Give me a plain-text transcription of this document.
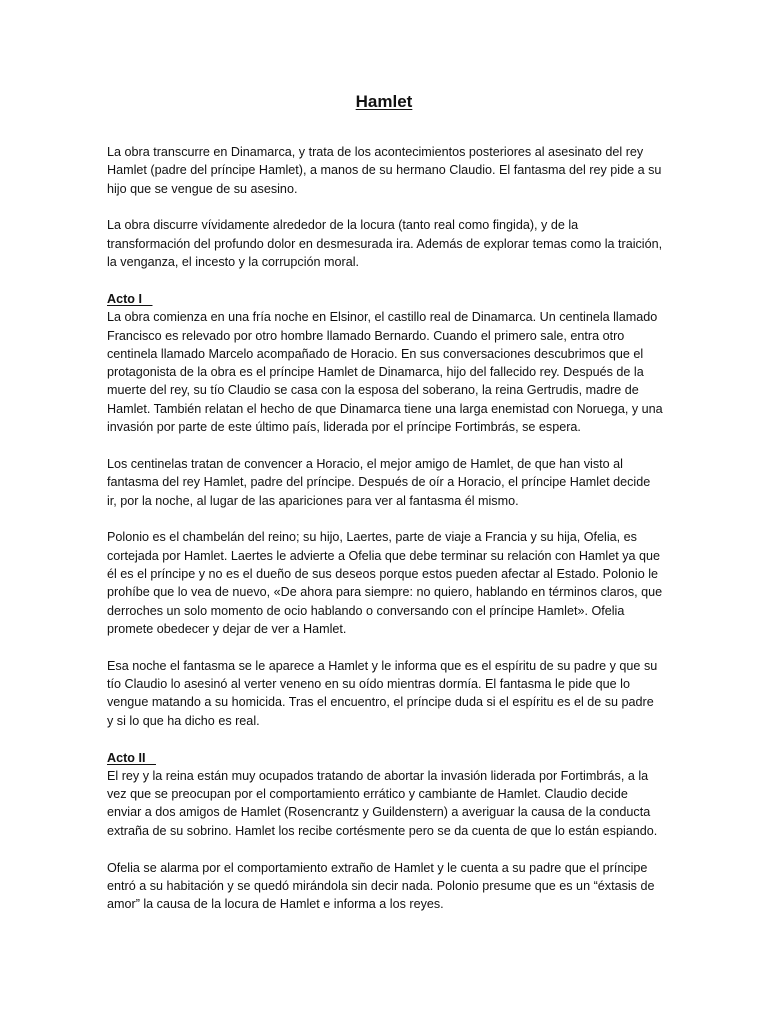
Hamlet

La obra transcurre en Dinamarca, y trata de los acontecimientos posteriores al asesinato del rey Hamlet (padre del príncipe Hamlet), a manos de su hermano Claudio. El fantasma del rey pide a su hijo que se vengue de su asesino.

La obra discurre vívidamente alrededor de la locura (tanto real como fingida), y de la transformación del profundo dolor en desmesurada ira. Además de explorar temas como la traición, la venganza, el incesto y la corrupción moral.

Acto I

La obra comienza en una fría noche en Elsinor, el castillo real de Dinamarca. Un centinela llamado Francisco es relevado por otro hombre llamado Bernardo. Cuando el primero sale, entra otro centinela llamado Marcelo acompañado de Horacio. En sus conversaciones descubrimos que el protagonista de la obra es el príncipe Hamlet de Dinamarca, hijo del fallecido rey. Después de la muerte del rey, su tío Claudio se casa con la esposa del soberano, la reina Gertrudis, madre de Hamlet. También relatan el hecho de que Dinamarca tiene una larga enemistad con Noruega, y una invasión por parte de este último país, liderada por el príncipe Fortimbrás, se espera.

Los centinelas tratan de convencer a Horacio, el mejor amigo de Hamlet, de que han visto al fantasma del rey Hamlet, padre del príncipe. Después de oír a Horacio, el príncipe Hamlet decide ir, por la noche, al lugar de las apariciones para ver al fantasma él mismo.

Polonio es el chambelán del reino; su hijo, Laertes, parte de viaje a Francia y su hija, Ofelia, es cortejada por Hamlet. Laertes le advierte a Ofelia que debe terminar su relación con Hamlet ya que él es el príncipe y no es el dueño de sus deseos porque estos pueden afectar al Estado. Polonio le prohíbe que lo vea de nuevo, «De ahora para siempre: no quiero, hablando en términos claros, que derroches un solo momento de ocio hablando o conversando con el príncipe Hamlet». Ofelia promete obedecer y dejar de ver a Hamlet.

Esa noche el fantasma se le aparece a Hamlet y le informa que es el espíritu de su padre y que su tío Claudio lo asesinó al verter veneno en su oído mientras dormía. El fantasma le pide que lo vengue matando a su homicida. Tras el encuentro, el príncipe duda si el espíritu es el de su padre y si lo que ha dicho es real.

Acto II

El rey y la reina están muy ocupados tratando de abortar la invasión liderada por Fortimbrás, a la vez que se preocupan por el comportamiento errático y cambiante de Hamlet. Claudio decide enviar a dos amigos de Hamlet (Rosencrantz y Guildenstern) a averiguar la causa de la conducta extraña de su sobrino. Hamlet los recibe cortésmente pero se da cuenta de que lo están espiando.

Ofelia se alarma por el comportamiento extraño de Hamlet y le cuenta a su padre que el príncipe entró a su habitación y se quedó mirándola sin decir nada. Polonio presume que es un “éxtasis de amor” la causa de la locura de Hamlet e informa a los reyes.
